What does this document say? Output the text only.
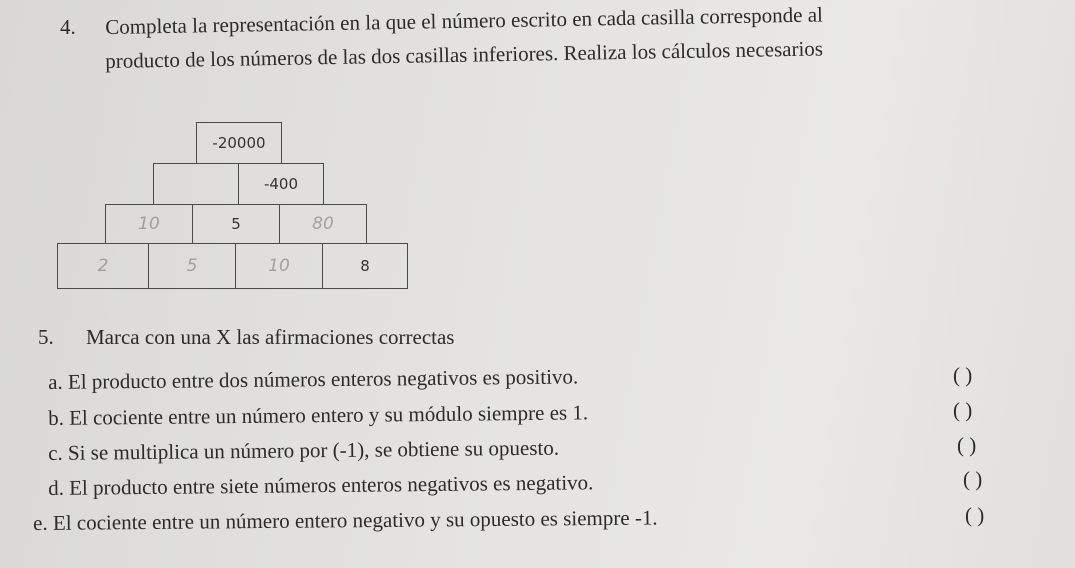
4. Completa la representación en la que el número escrito en cada casilla corresponde al
producto de los números de las dos casillas inferiores. Realiza los cálculos necesarios
-20000
-400
10	5	80
2	5	10	8
5. Marca con una X las afirmaciones correctas
a. El producto entre dos números enteros negativos es positivo.	( )
b. El cociente entre un número entero y su módulo siempre es 1.	( )
c. Si se multiplica un número por (-1), se obtiene su opuesto.	( )
d. El producto entre siete números enteros negativos es negativo.	( )
e. El cociente entre un número entero negativo y su opuesto es siempre -1.	( )
